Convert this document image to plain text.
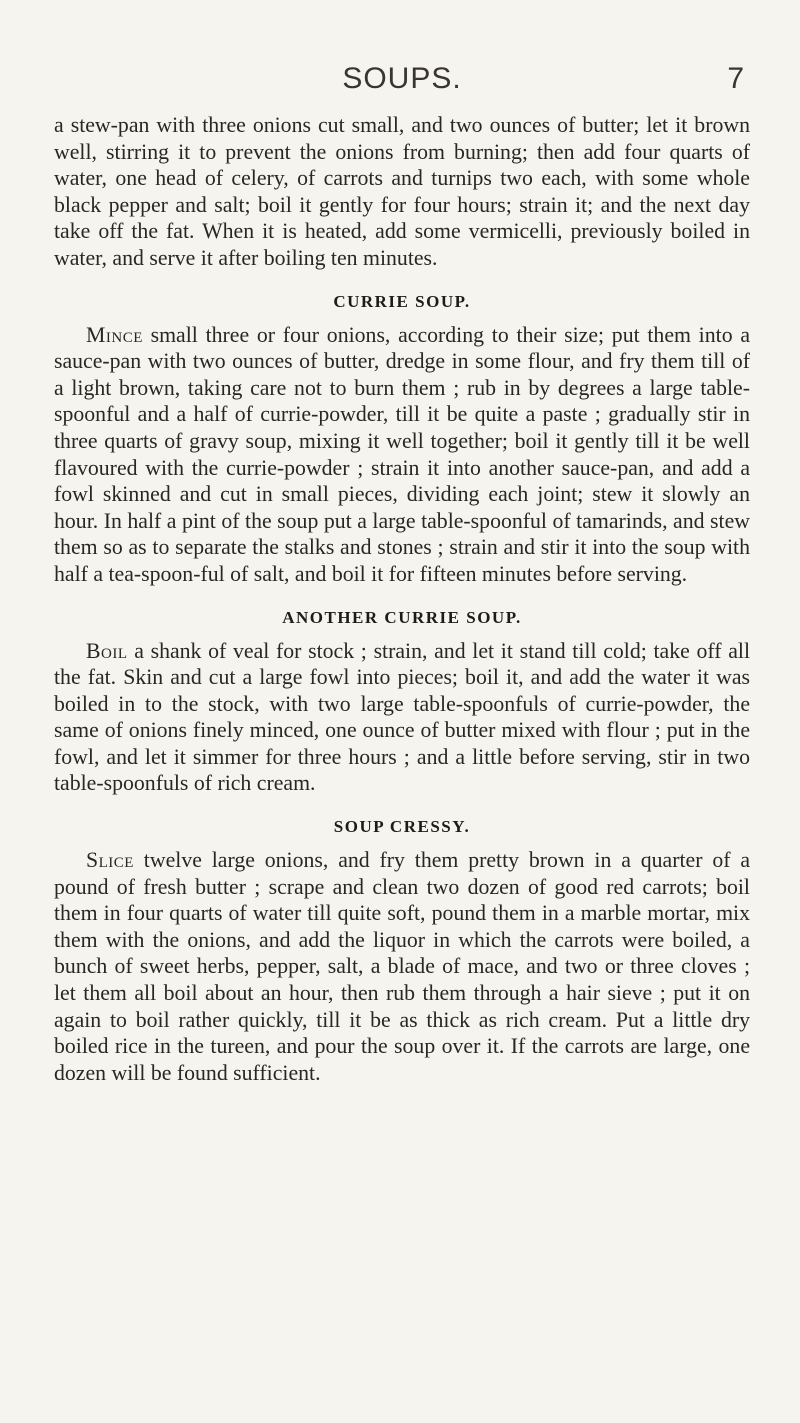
SOUPS.	7

a stew-pan with three onions cut small, and two ounces of butter; let it brown well, stirring it to prevent the onions from burning; then add four quarts of water, one head of celery, of carrots and turnips two each, with some whole black pepper and salt; boil it gently for four hours; strain it; and the next day take off the fat. When it is heated, add some vermicelli, previously boiled in water, and serve it after boiling ten minutes.

CURRIE SOUP.

Mince small three or four onions, according to their size; put them into a sauce-pan with two ounces of butter, dredge in some flour, and fry them till of a light brown, taking care not to burn them ; rub in by degrees a large table-spoonful and a half of currie-powder, till it be quite a paste ; gradually stir in three quarts of gravy soup, mixing it well together; boil it gently till it be well flavoured with the currie-powder ; strain it into another sauce-pan, and add a fowl skinned and cut in small pieces, dividing each joint; stew it slowly an hour. In half a pint of the soup put a large table-spoonful of tamarinds, and stew them so as to separate the stalks and stones ; strain and stir it into the soup with half a tea-spoon-ful of salt, and boil it for fifteen minutes before serving.

ANOTHER CURRIE SOUP.

Boil a shank of veal for stock ; strain, and let it stand till cold; take off all the fat. Skin and cut a large fowl into pieces; boil it, and add the water it was boiled in to the stock, with two large table-spoonfuls of currie-powder, the same of onions finely minced, one ounce of butter mixed with flour ; put in the fowl, and let it simmer for three hours ; and a little before serving, stir in two table-spoonfuls of rich cream.

SOUP CRESSY.

Slice twelve large onions, and fry them pretty brown in a quarter of a pound of fresh butter ; scrape and clean two dozen of good red carrots; boil them in four quarts of water till quite soft, pound them in a marble mortar, mix them with the onions, and add the liquor in which the carrots were boiled, a bunch of sweet herbs, pepper, salt, a blade of mace, and two or three cloves ; let them all boil about an hour, then rub them through a hair sieve ; put it on again to boil rather quickly, till it be as thick as rich cream. Put a little dry boiled rice in the tureen, and pour the soup over it. If the carrots are large, one dozen will be found sufficient.
